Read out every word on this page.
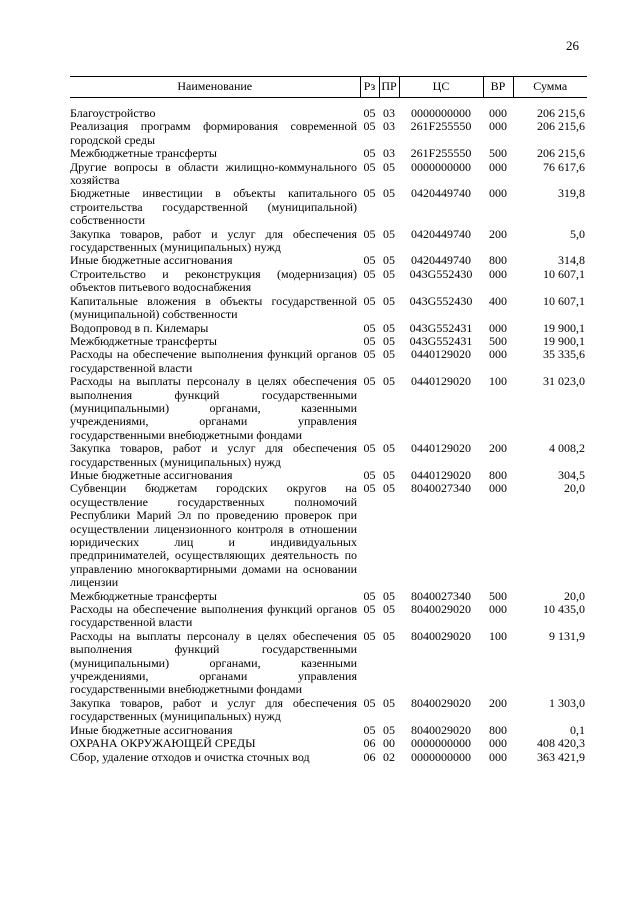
26
Наименование	Рз	ПР	ЦС	ВР	Сумма

Благоустройство	05	03	0000000000	000	206 215,6
Реализация программ формирования современной городской среды	05	03	261F255550	000	206 215,6
Межбюджетные трансферты	05	03	261F255550	500	206 215,6
Другие вопросы в области жилищно-коммунального хозяйства	05	05	0000000000	000	76 617,6
Бюджетные инвестиции в объекты капитального строительства государственной (муниципальной) собственности	05	05	0420449740	000	319,8
Закупка товаров, работ и услуг для обеспечения государственных (муниципальных) нужд	05	05	0420449740	200	5,0
Иные бюджетные ассигнования	05	05	0420449740	800	314,8
Строительство и реконструкция (модернизация) объектов питьевого водоснабжения	05	05	043G552430	000	10 607,1
Капитальные вложения в объекты государственной (муниципальной) собственности	05	05	043G552430	400	10 607,1
Водопровод в п. Килемары	05	05	043G552431	000	19 900,1
Межбюджетные трансферты	05	05	043G552431	500	19 900,1
Расходы на обеспечение выполнения функций органов государственной власти	05	05	0440129020	000	35 335,6
Расходы на выплаты персоналу в целях обеспечения выполнения функций государственными (муниципальными) органами, казенными учреждениями, органами управления государственными внебюджетными фондами	05	05	0440129020	100	31 023,0
Закупка товаров, работ и услуг для обеспечения государственных (муниципальных) нужд	05	05	0440129020	200	4 008,2
Иные бюджетные ассигнования	05	05	0440129020	800	304,5
Субвенции бюджетам городских округов на осуществление государственных полномочий Республики Марий Эл по проведению проверок при осуществлении лицензионного контроля в отношении юридических лиц и индивидуальных предпринимателей, осуществляющих деятельность по управлению многоквартирными домами на основании лицензии	05	05	8040027340	000	20,0
Межбюджетные трансферты	05	05	8040027340	500	20,0
Расходы на обеспечение выполнения функций органов государственной власти	05	05	8040029020	000	10 435,0
Расходы на выплаты персоналу в целях обеспечения выполнения функций государственными (муниципальными) органами, казенными учреждениями, органами управления государственными внебюджетными фондами	05	05	8040029020	100	9 131,9
Закупка товаров, работ и услуг для обеспечения государственных (муниципальных) нужд	05	05	8040029020	200	1 303,0
Иные бюджетные ассигнования	05	05	8040029020	800	0,1
ОХРАНА ОКРУЖАЮЩЕЙ СРЕДЫ	06	00	0000000000	000	408 420,3
Сбор, удаление отходов и очистка сточных вод	06	02	0000000000	000	363 421,9
